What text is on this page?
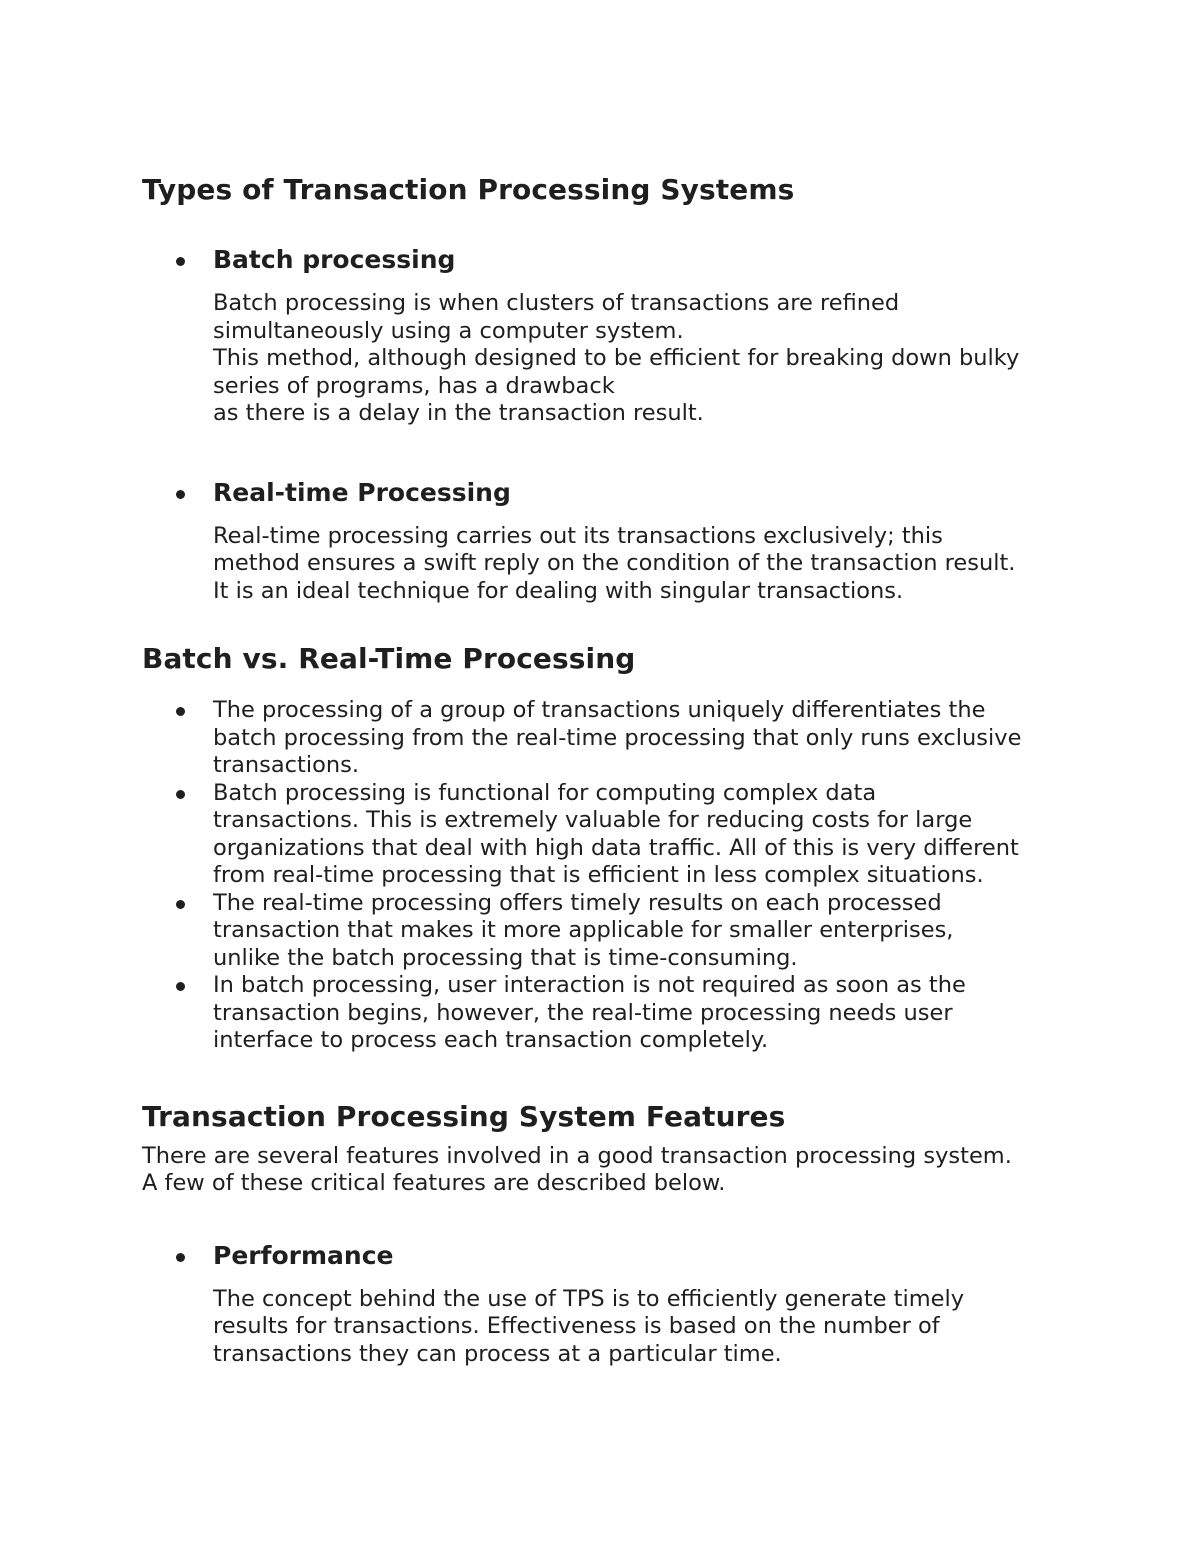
Types of Transaction Processing Systems
Batch processing
Batch processing is when clusters of transactions are refined
simultaneously using a computer system.
This method, although designed to be efficient for breaking down bulky
series of programs, has a drawback
as there is a delay in the transaction result.
Real-time Processing
Real-time processing carries out its transactions exclusively; this
method ensures a swift reply on the condition of the transaction result.
It is an ideal technique for dealing with singular transactions.
Batch vs. Real-Time Processing
The processing of a group of transactions uniquely differentiates the
batch processing from the real-time processing that only runs exclusive
transactions.
Batch processing is functional for computing complex data
transactions. This is extremely valuable for reducing costs for large
organizations that deal with high data traffic. All of this is very different
from real-time processing that is efficient in less complex situations.
The real-time processing offers timely results on each processed
transaction that makes it more applicable for smaller enterprises,
unlike the batch processing that is time-consuming.
In batch processing, user interaction is not required as soon as the
transaction begins, however, the real-time processing needs user
interface to process each transaction completely.
Transaction Processing System Features

There are several features involved in a good transaction processing system.
A few of these critical features are described below.

Performance
The concept behind the use of TPS is to efficiently generate timely
results for transactions. Effectiveness is based on the number of
transactions they can process at a particular time.
